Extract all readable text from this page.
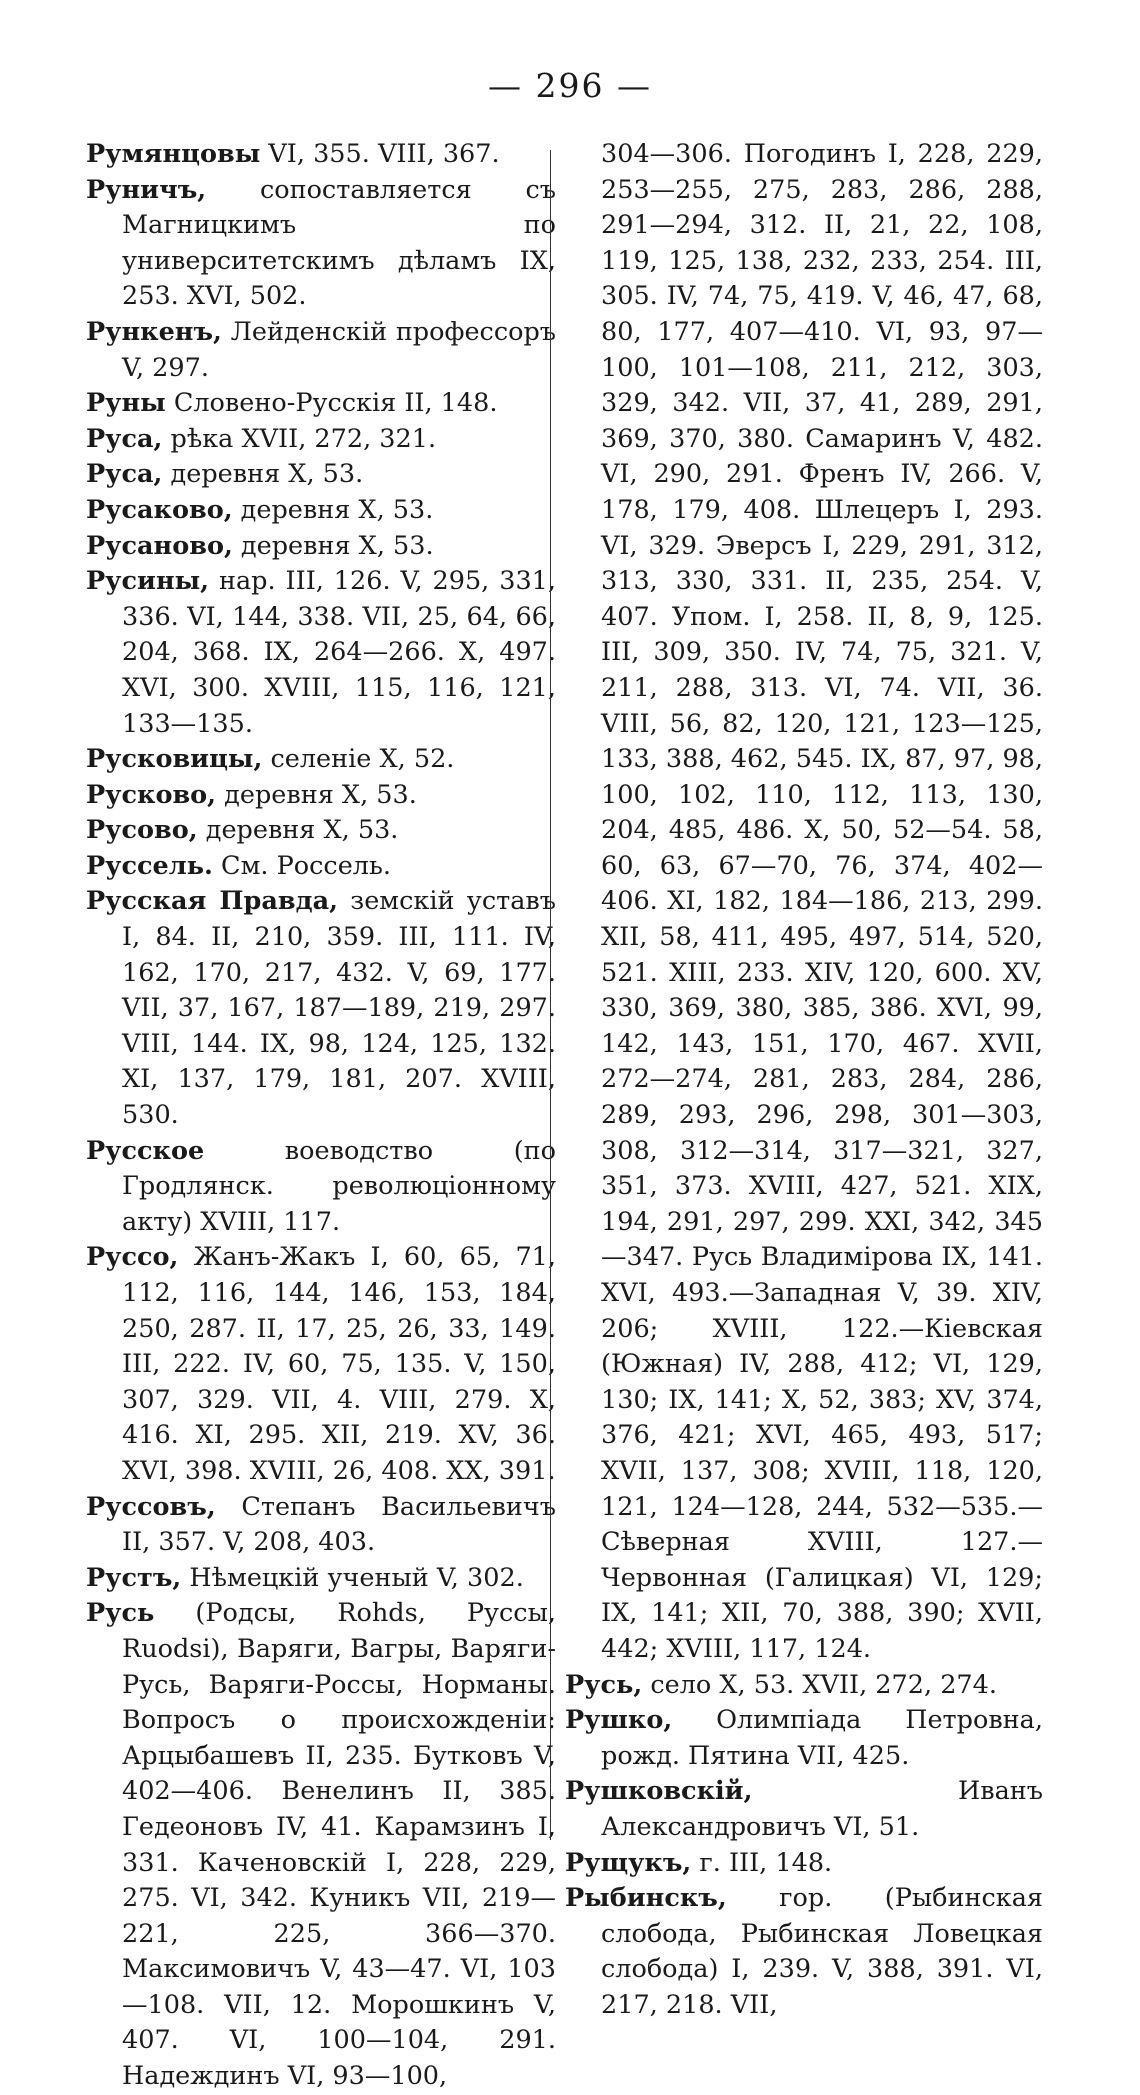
— 296 —

Румянцовы VI, 355. VIII, 367.

Руничъ, сопоставляется съ Магницкимъ по университетскимъ дѣламъ IX, 253. XVI, 502.

Рункенъ, Лейденскій профессоръ V, 297.

Руны Словено-Русскія II, 148.

Руса, рѣка XVII, 272, 321.

Руса, деревня X, 53.

Русаково, деревня X, 53.

Русаново, деревня X, 53.

Русины, нар. III, 126. V, 295, 331, 336. VI, 144, 338. VII, 25, 64, 66, 204, 368. IX, 264—266. X, 497. XVI, 300. XVIII, 115, 116, 121, 133—135.

Русковицы, селеніе X, 52.

Русково, деревня X, 53.

Русово, деревня X, 53.

Руссель. См. Россель.

Русская Правда, земскій уставъ I, 84. II, 210, 359. III, 111. IV, 162, 170, 217, 432. V, 69, 177. VII, 37, 167, 187—189, 219, 297. VIII, 144. IX, 98, 124, 125, 132. XI, 137, 179, 181, 207. XVIII, 530.

Русское воеводство (по Гродлянск. революціонному акту) XVIII, 117.

Руссо, Жанъ-Жакъ I, 60, 65, 71, 112, 116, 144, 146, 153, 184, 250, 287. II, 17, 25, 26, 33, 149. III, 222. IV, 60, 75, 135. V, 150, 307, 329. VII, 4. VIII, 279. X, 416. XI, 295. XII, 219. XV, 36. XVI, 398. XVIII, 26, 408. XX, 391.

Руссовъ, Степанъ Васильевичъ II, 357. V, 208, 403.

Рустъ, Нѣмецкій ученый V, 302.

Русь (Родсы, Rohds, Руссы, Ruodsi), Варяги, Вагры, Варяги-Русь, Варяги-Россы, Норманы. Вопросъ о происхожденіи: Арцыбашевъ II, 235. Бутковъ V, 402—406. Венелинъ II, 385. Гедеоновъ IV, 41. Карамзинъ I, 331. Каченовскій I, 228, 229, 275. VI, 342. Куникъ VII, 219—221, 225, 366—370. Максимовичъ V, 43—47. VI, 103—108. VII, 12. Морошкинъ V, 407. VI, 100—104, 291. Надеждинъ VI, 93—100,

304—306. Погодинъ I, 228, 229, 253—255, 275, 283, 286, 288, 291—294, 312. II, 21, 22, 108, 119, 125, 138, 232, 233, 254. III, 305. IV, 74, 75, 419. V, 46, 47, 68, 80, 177, 407—410. VI, 93, 97—100, 101—108, 211, 212, 303, 329, 342. VII, 37, 41, 289, 291, 369, 370, 380. Самаринъ V, 482. VI, 290, 291. Френъ IV, 266. V, 178, 179, 408. Шлецеръ I, 293. VI, 329. Эверсъ I, 229, 291, 312, 313, 330, 331. II, 235, 254. V, 407. Упом. I, 258. II, 8, 9, 125. III, 309, 350. IV, 74, 75, 321. V, 211, 288, 313. VI, 74. VII, 36. VIII, 56, 82, 120, 121, 123—125, 133, 388, 462, 545. IX, 87, 97, 98, 100, 102, 110, 112, 113, 130, 204, 485, 486. X, 50, 52—54. 58, 60, 63, 67—70, 76, 374, 402—406. XI, 182, 184—186, 213, 299. XII, 58, 411, 495, 497, 514, 520, 521. XIII, 233. XIV, 120, 600. XV, 330, 369, 380, 385, 386. XVI, 99, 142, 143, 151, 170, 467. XVII, 272—274, 281, 283, 284, 286, 289, 293, 296, 298, 301—303, 308, 312—314, 317—321, 327, 351, 373. XVIII, 427, 521. XIX, 194, 291, 297, 299. XXI, 342, 345—347. Русь Владимірова IX, 141. XVI, 493.—Западная V, 39. XIV, 206; XVIII, 122.—Кіевская (Южная) IV, 288, 412; VI, 129, 130; IX, 141; X, 52, 383; XV, 374, 376, 421; XVI, 465, 493, 517; XVII, 137, 308; XVIII, 118, 120, 121, 124—128, 244, 532—535.—Сѣверная XVIII, 127.—Червонная (Галицкая) VI, 129; IX, 141; XII, 70, 388, 390; XVII, 442; XVIII, 117, 124.

Русь, село X, 53. XVII, 272, 274.

Рушко, Олимпіада Петровна, рожд. Пятина VII, 425.

Рушковскій, Иванъ Александровичъ VI, 51.

Рущукъ, г. III, 148.

Рыбинскъ, гор. (Рыбинская слобода, Рыбинская Ловецкая слобода) I, 239. V, 388, 391. VI, 217, 218. VII,
